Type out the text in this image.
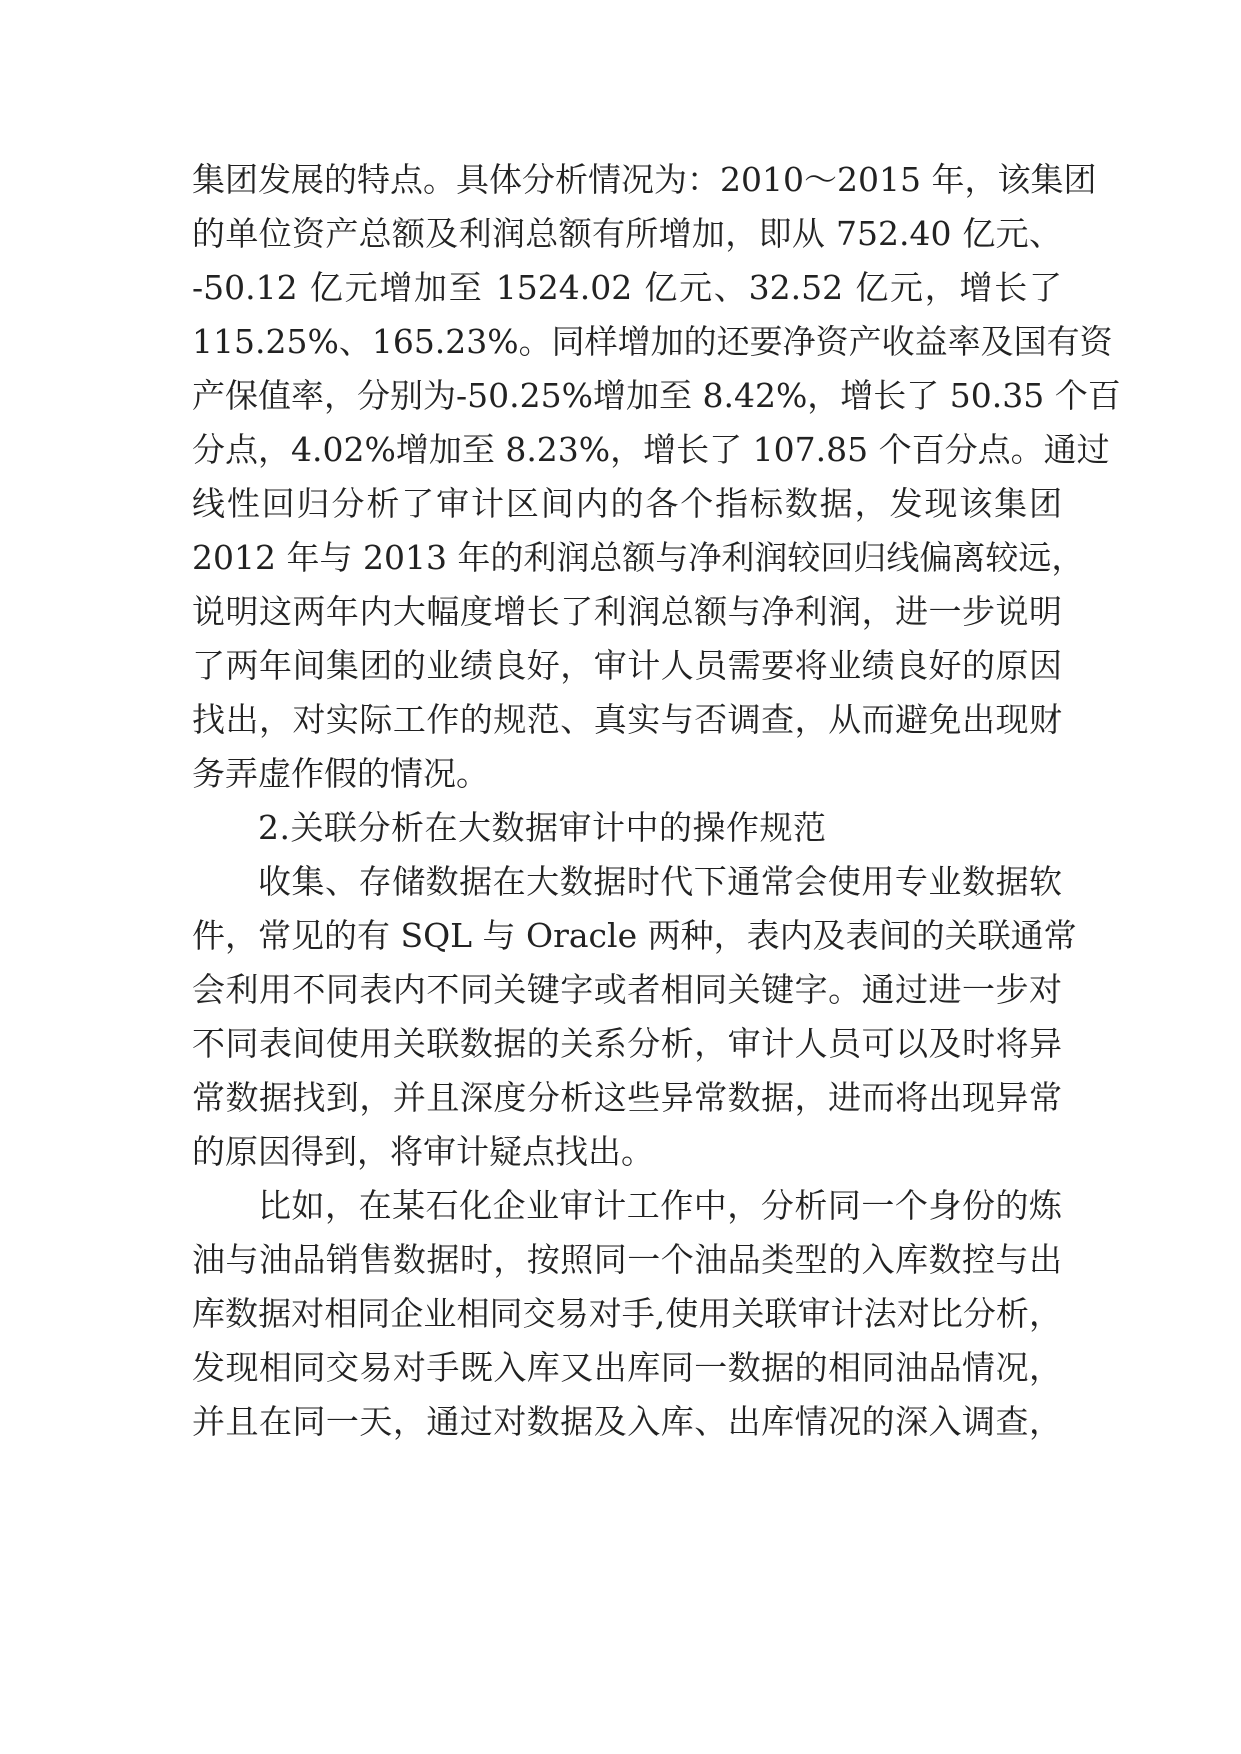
集团发展的特点。具体分析情况为：2010～2015 年，该集团
的单位资产总额及利润总额有所增加，即从 752.40 亿元、
-50.12 亿元增加至 1524.02 亿元、32.52 亿元，增长了
115.25%、165.23%。同样增加的还要净资产收益率及国有资
产保值率，分别为-50.25%增加至 8.42%，增长了 50.35 个百
分点，4.02%增加至 8.23%，增长了 107.85 个百分点。通过
线性回归分析了审计区间内的各个指标数据，发现该集团
2012 年与 2013 年的利润总额与净利润较回归线偏离较远，
说明这两年内大幅度增长了利润总额与净利润，进一步说明
了两年间集团的业绩良好，审计人员需要将业绩良好的原因
找出，对实际工作的规范、真实与否调查，从而避免出现财
务弄虚作假的情况。
2.关联分析在大数据审计中的操作规范
收集、存储数据在大数据时代下通常会使用专业数据软
件，常见的有 SQL 与 Oracle 两种，表内及表间的关联通常
会利用不同表内不同关键字或者相同关键字。通过进一步对
不同表间使用关联数据的关系分析，审计人员可以及时将异
常数据找到，并且深度分析这些异常数据，进而将出现异常
的原因得到，将审计疑点找出。
比如，在某石化企业审计工作中，分析同一个身份的炼
油与油品销售数据时，按照同一个油品类型的入库数控与出
库数据对相同企业相同交易对手,使用关联审计法对比分析，
发现相同交易对手既入库又出库同一数据的相同油品情况，
并且在同一天，通过对数据及入库、出库情况的深入调查，
